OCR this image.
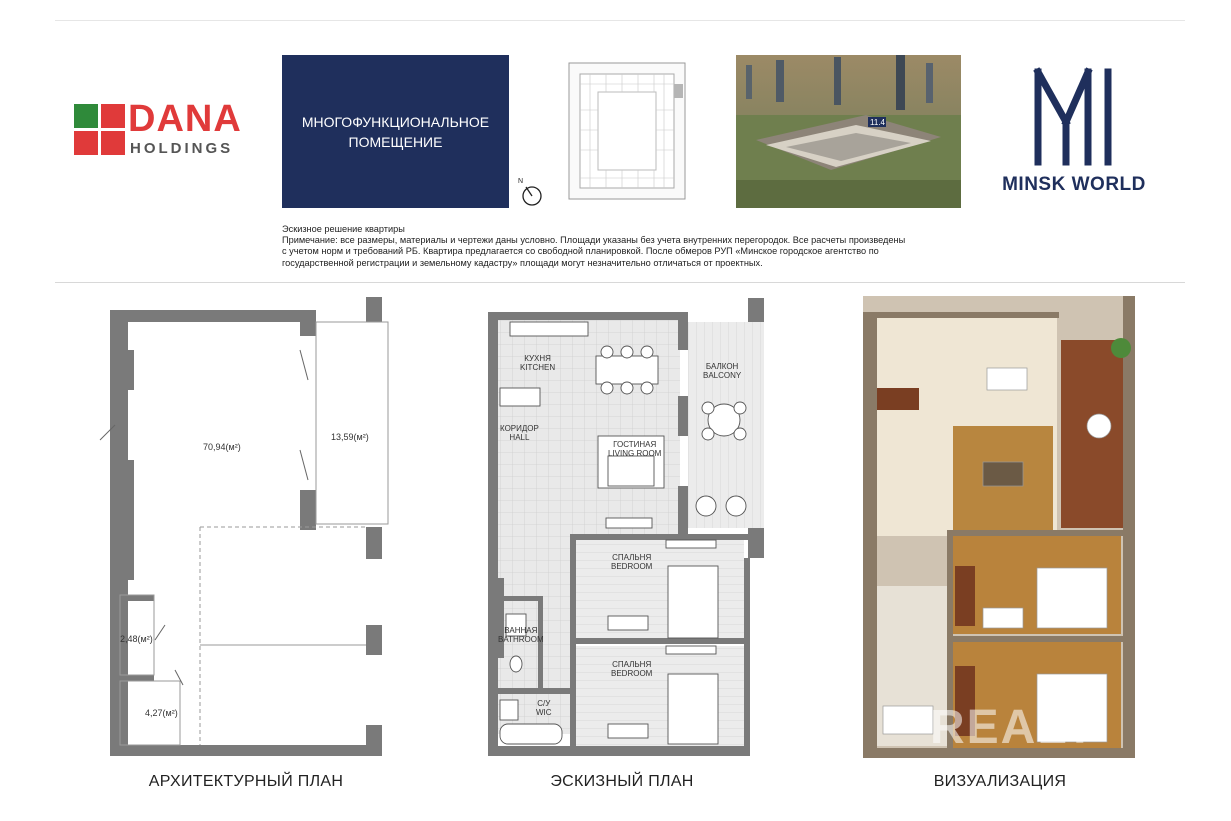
DANA
HOLDINGS
МНОГОФУНКЦИОНАЛЬНОЕ
ПОМЕЩЕНИЕ
N
11.4
MINSK WORLD
Эскизное решение квартиры
Примечание: все размеры, материалы и чертежи даны условно. Площади указаны без учета внутренних перегородок. Все расчеты произведены
с учетом норм и требований РБ. Квартира предлагается со свободной планировкой. После обмеров РУП «Минское городское агентство по
государственной регистрации и земельному кадастру» площади могут незначительно отличаться от проектных.
70,94(м²)
13,59(м²)
2,48(м²)
4,27(м²)
АРХИТЕКТУРНЫЙ ПЛАН
КУХНЯ
KITCHEN	БАЛКОН
BALCONY
КОРИДОР
HALL
ГОСТИНАЯ
LIVING ROOM
СПАЛЬНЯ
BEDROOM
ВАННАЯ
BATHROOM
СПАЛЬНЯ
BEDROOM
С/У
WIC
ЭСКИЗНЫЙ ПЛАН
REALT
ВИЗУАЛИЗАЦИЯ
